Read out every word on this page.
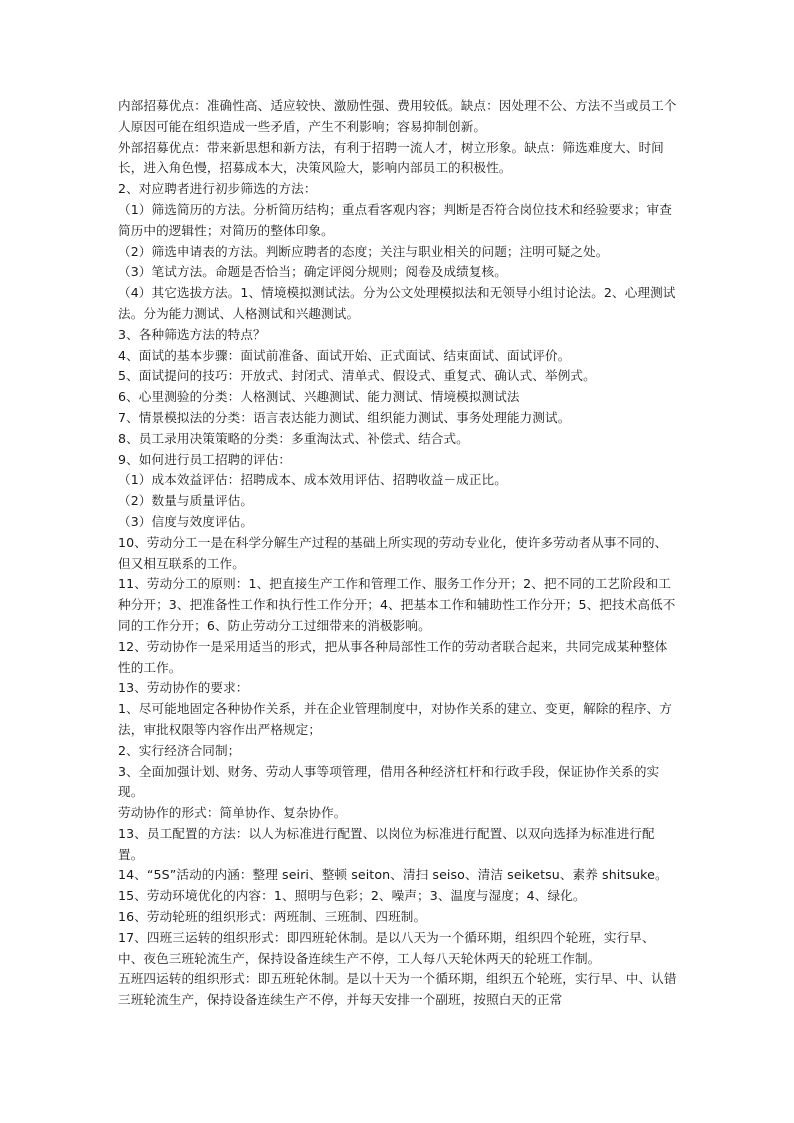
内部招募优点：准确性高、适应较快、激励性强、费用较低。缺点：因处理不公、方法不当或员工个人原因可能在组织造成一些矛盾，产生不利影响；容易抑制创新。

外部招募优点：带来新思想和新方法，有利于招聘一流人才，树立形象。缺点：筛选难度大、时间长，进入角色慢，招募成本大，决策风险大，影响内部员工的积极性。

2、对应聘者进行初步筛选的方法：

（1）筛选简历的方法。分析简历结构；重点看客观内容；判断是否符合岗位技术和经验要求；审查简历中的逻辑性；对简历的整体印象。

（2）筛选申请表的方法。判断应聘者的态度；关注与职业相关的问题；注明可疑之处。

（3）笔试方法。命题是否恰当；确定评阅分规则；阅卷及成绩复核。

（4）其它选拔方法。1、情境模拟测试法。分为公文处理模拟法和无领导小组讨论法。2、心理测试法。分为能力测试、人格测试和兴趣测试。

3、各种筛选方法的特点？

4、面试的基本步骤：面试前准备、面试开始、正式面试、结束面试、面试评价。

5、面试提问的技巧：开放式、封闭式、清单式、假设式、重复式、确认式、举例式。

6、心里测验的分类：人格测试、兴趣测试、能力测试、情境模拟测试法

7、情景模拟法的分类：语言表达能力测试、组织能力测试、事务处理能力测试。

8、员工录用决策策略的分类：多重淘汰式、补偿式、结合式。

9、如何进行员工招聘的评估：

（1）成本效益评估：招聘成本、成本效用评估、招聘收益－成正比。

（2）数量与质量评估。

（3）信度与效度评估。

10、劳动分工一是在科学分解生产过程的基础上所实现的劳动专业化，使许多劳动者从事不同的、但又相互联系的工作。

11、劳动分工的原则：1、把直接生产工作和管理工作、服务工作分开；2、把不同的工艺阶段和工种分开；3、把准备性工作和执行性工作分开；4、把基本工作和辅助性工作分开；5、把技术高低不同的工作分开；6、防止劳动分工过细带来的消极影响。

12、劳动协作一是采用适当的形式，把从事各种局部性工作的劳动者联合起来，共同完成某种整体性的工作。

13、劳动协作的要求：

1、尽可能地固定各种协作关系，并在企业管理制度中，对协作关系的建立、变更，解除的程序、方法，审批权限等内容作出严格规定；

2、实行经济合同制；

3、全面加强计划、财务、劳动人事等项管理，借用各种经济杠杆和行政手段，保证协作关系的实现。

劳动协作的形式：简单协作、复杂协作。

13、员工配置的方法：以人为标准进行配置、以岗位为标准进行配置、以双向选择为标准进行配置。

14、“5S”活动的内涵：整理 seiri、整顿 seiton、清扫 seiso、清洁 seiketsu、素养 shitsuke。

15、劳动环境优化的内容：1、照明与色彩；2、噪声；3、温度与湿度；4、绿化。

16、劳动轮班的组织形式：两班制、三班制、四班制。

17、四班三运转的组织形式：即四班轮休制。是以八天为一个循环期，组织四个轮班，实行早、中、夜色三班轮流生产，保持设备连续生产不停，工人每八天轮休两天的轮班工作制。

五班四运转的组织形式：即五班轮休制。是以十天为一个循环期，组织五个轮班，实行早、中、认错 三班轮流生产，保持设备连续生产不停，并每天安排一个副班，按照白天的正常
